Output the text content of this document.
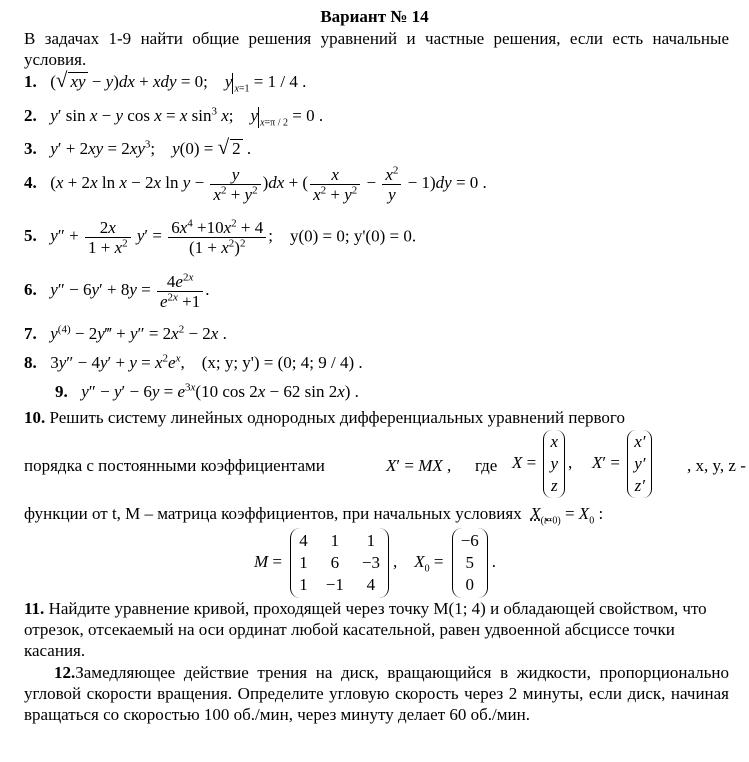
Вариант № 14
В задачах 1-9 найти общие решения уравнений и частные решения, если есть начальные условия.
1. (√ xy − y)dx + xdy = 0;    y $_{x=1}$ = 1 / 4 .
2. y′ sin x − y cos x = x $\sin^3 x$;    y $_{x=\pi / 2}$ = 0 .
3. $y' + 2xy = 2xy^3$;    y(0) = √ 2 .
4. (x + 2x ln x − 2x $\ln y - \frac{y}{x^2 + y^2} )dx$ + ( $\frac{x}{x^2 + y^2} - \frac{x^2}{y} - 1)dy = 0$ .
5. $y'' + \frac{2x}{1 + x^2} y' = \frac{6x^4 +10x^2 + 4}{(1 + x^2)^2}$ ;    y(0) = 0; y'(0) = 0.
6. $y'' - 6y' + 8y = \frac{4e^{2x}}{e^{2x} +1}$ .
7. $y^{(4)}$ − 2y‴ + $y'' = 2x^2 - 2x$ .
8. $3y'' - 4y' + y = x^2e^x$,    (x; y; y') = (0; 4; 9 / 4) .
9. $y'' - y' - 6y = e^{3x}(10$ cos 2x − 62 sin 2x) .
10. Решить систему линейных однородных дифференциальных уравнений первого
порядка с постоянными коэффициентами	X′ = MX , где X =
x
y
z
, X′ =
x′
y′
z′
, x, y, z -
функции от t, M – матрица коэффициентов, при начальных условиях $X_{(t=0)} = X_0$ :
M =
4 1 1
1 6 −3
1 −1 4
,    $X_0$ =
−6
5
0
.
11. Найдите уравнение кривой, проходящей через точку М(1; 4) и обладающей свойством, что отрезок, отсекаемый на оси ординат любой касательной, равен удвоенной абсциссе точки касания.
12.Замедляющее действие трения на диск, вращающийся в жидкости, пропорционально угловой скорости вращения. Определите угловую скорость через 2 минуты, если диск, начиная вращаться со скоростью 100 об./мин, через минуту делает 60 об./мин.
